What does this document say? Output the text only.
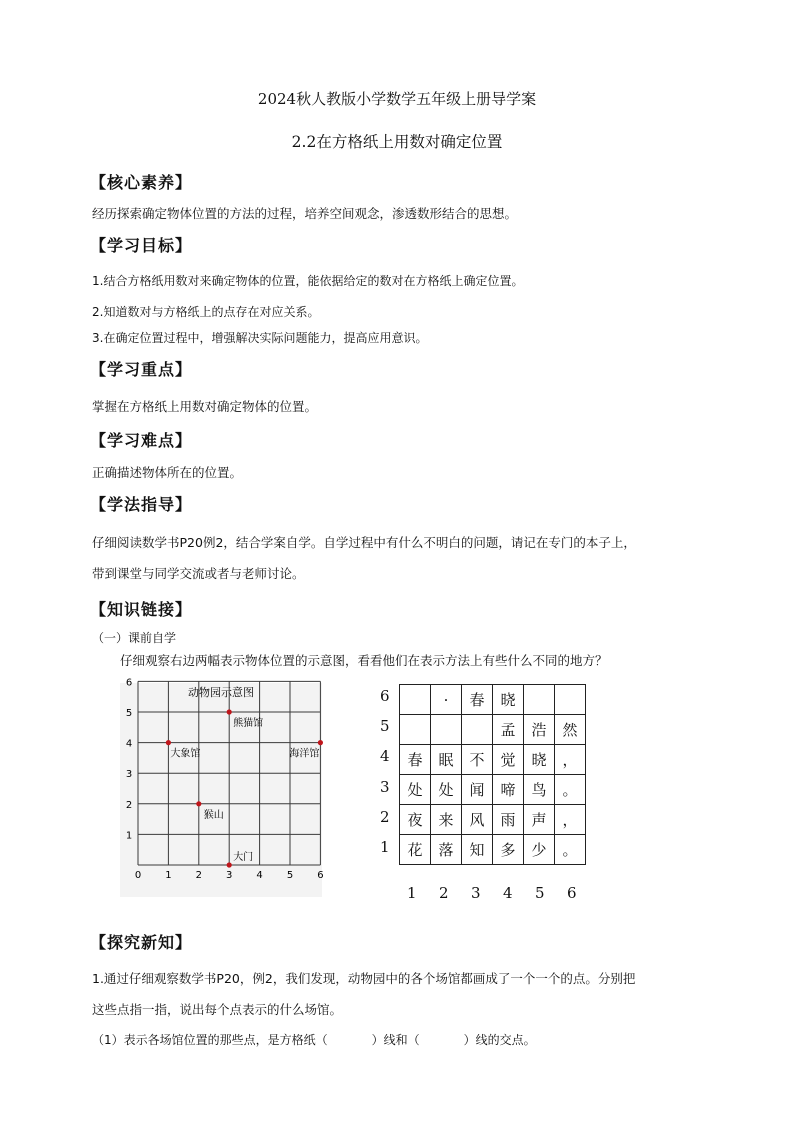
2024秋人教版小学数学五年级上册导学案
2.2在方格纸上用数对确定位置
【核心素养】
经历探索确定物体位置的方法的过程，培养空间观念，渗透数形结合的思想。
【学习目标】
1.结合方格纸用数对来确定物体的位置，能依据给定的数对在方格纸上确定位置。
2.知道数对与方格纸上的点存在对应关系。
3.在确定位置过程中，增强解决实际问题能力，提高应用意识。
【学习重点】
掌握在方格纸上用数对确定物体的位置。
【学习难点】
正确描述物体所在的位置。
【学法指导】
仔细阅读数学书P20例2，结合学案自学。自学过程中有什么不明白的问题，请记在专门的本子上，
带到课堂与同学交流或者与老师讨论。
【知识链接】
（一）课前自学
仔细观察右边两幅表示物体位置的示意图，看看他们在表示方法上有些什么不同的地方？
动物园示意图
0 1 2 3 4 5 6
1
2
3
4
5
6
熊猫馆
大象馆	海洋馆
猴山
大门
	·	春	晓		
			孟	浩	然
春	眠	不	觉	晓	，
处	处	闻	啼	鸟	。
夜	来	风	雨	声	，
花	落	知	多	少	。
6
5
4
3
2
1
1 2 3 4 5 6
【探究新知】
1.通过仔细观察数学书P20，例2，我们发现，动物园中的各个场馆都画成了一个一个的点。分别把
这些点指一指，说出每个点表示的什么场馆。
（1）表示各场馆位置的那些点，是方格纸（	）线和（	）线的交点。
